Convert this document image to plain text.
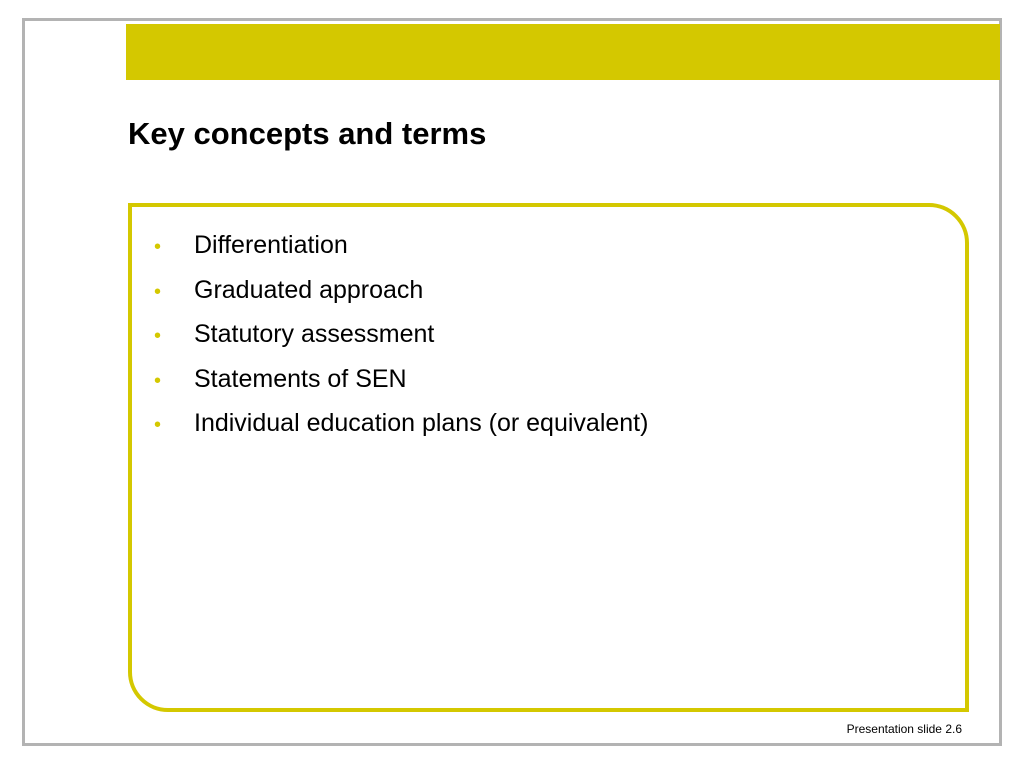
Key concepts and terms
•	Differentiation
•	Graduated approach
•	Statutory assessment
•	Statements of SEN
•	Individual education plans (or equivalent)
Presentation slide 2.6
